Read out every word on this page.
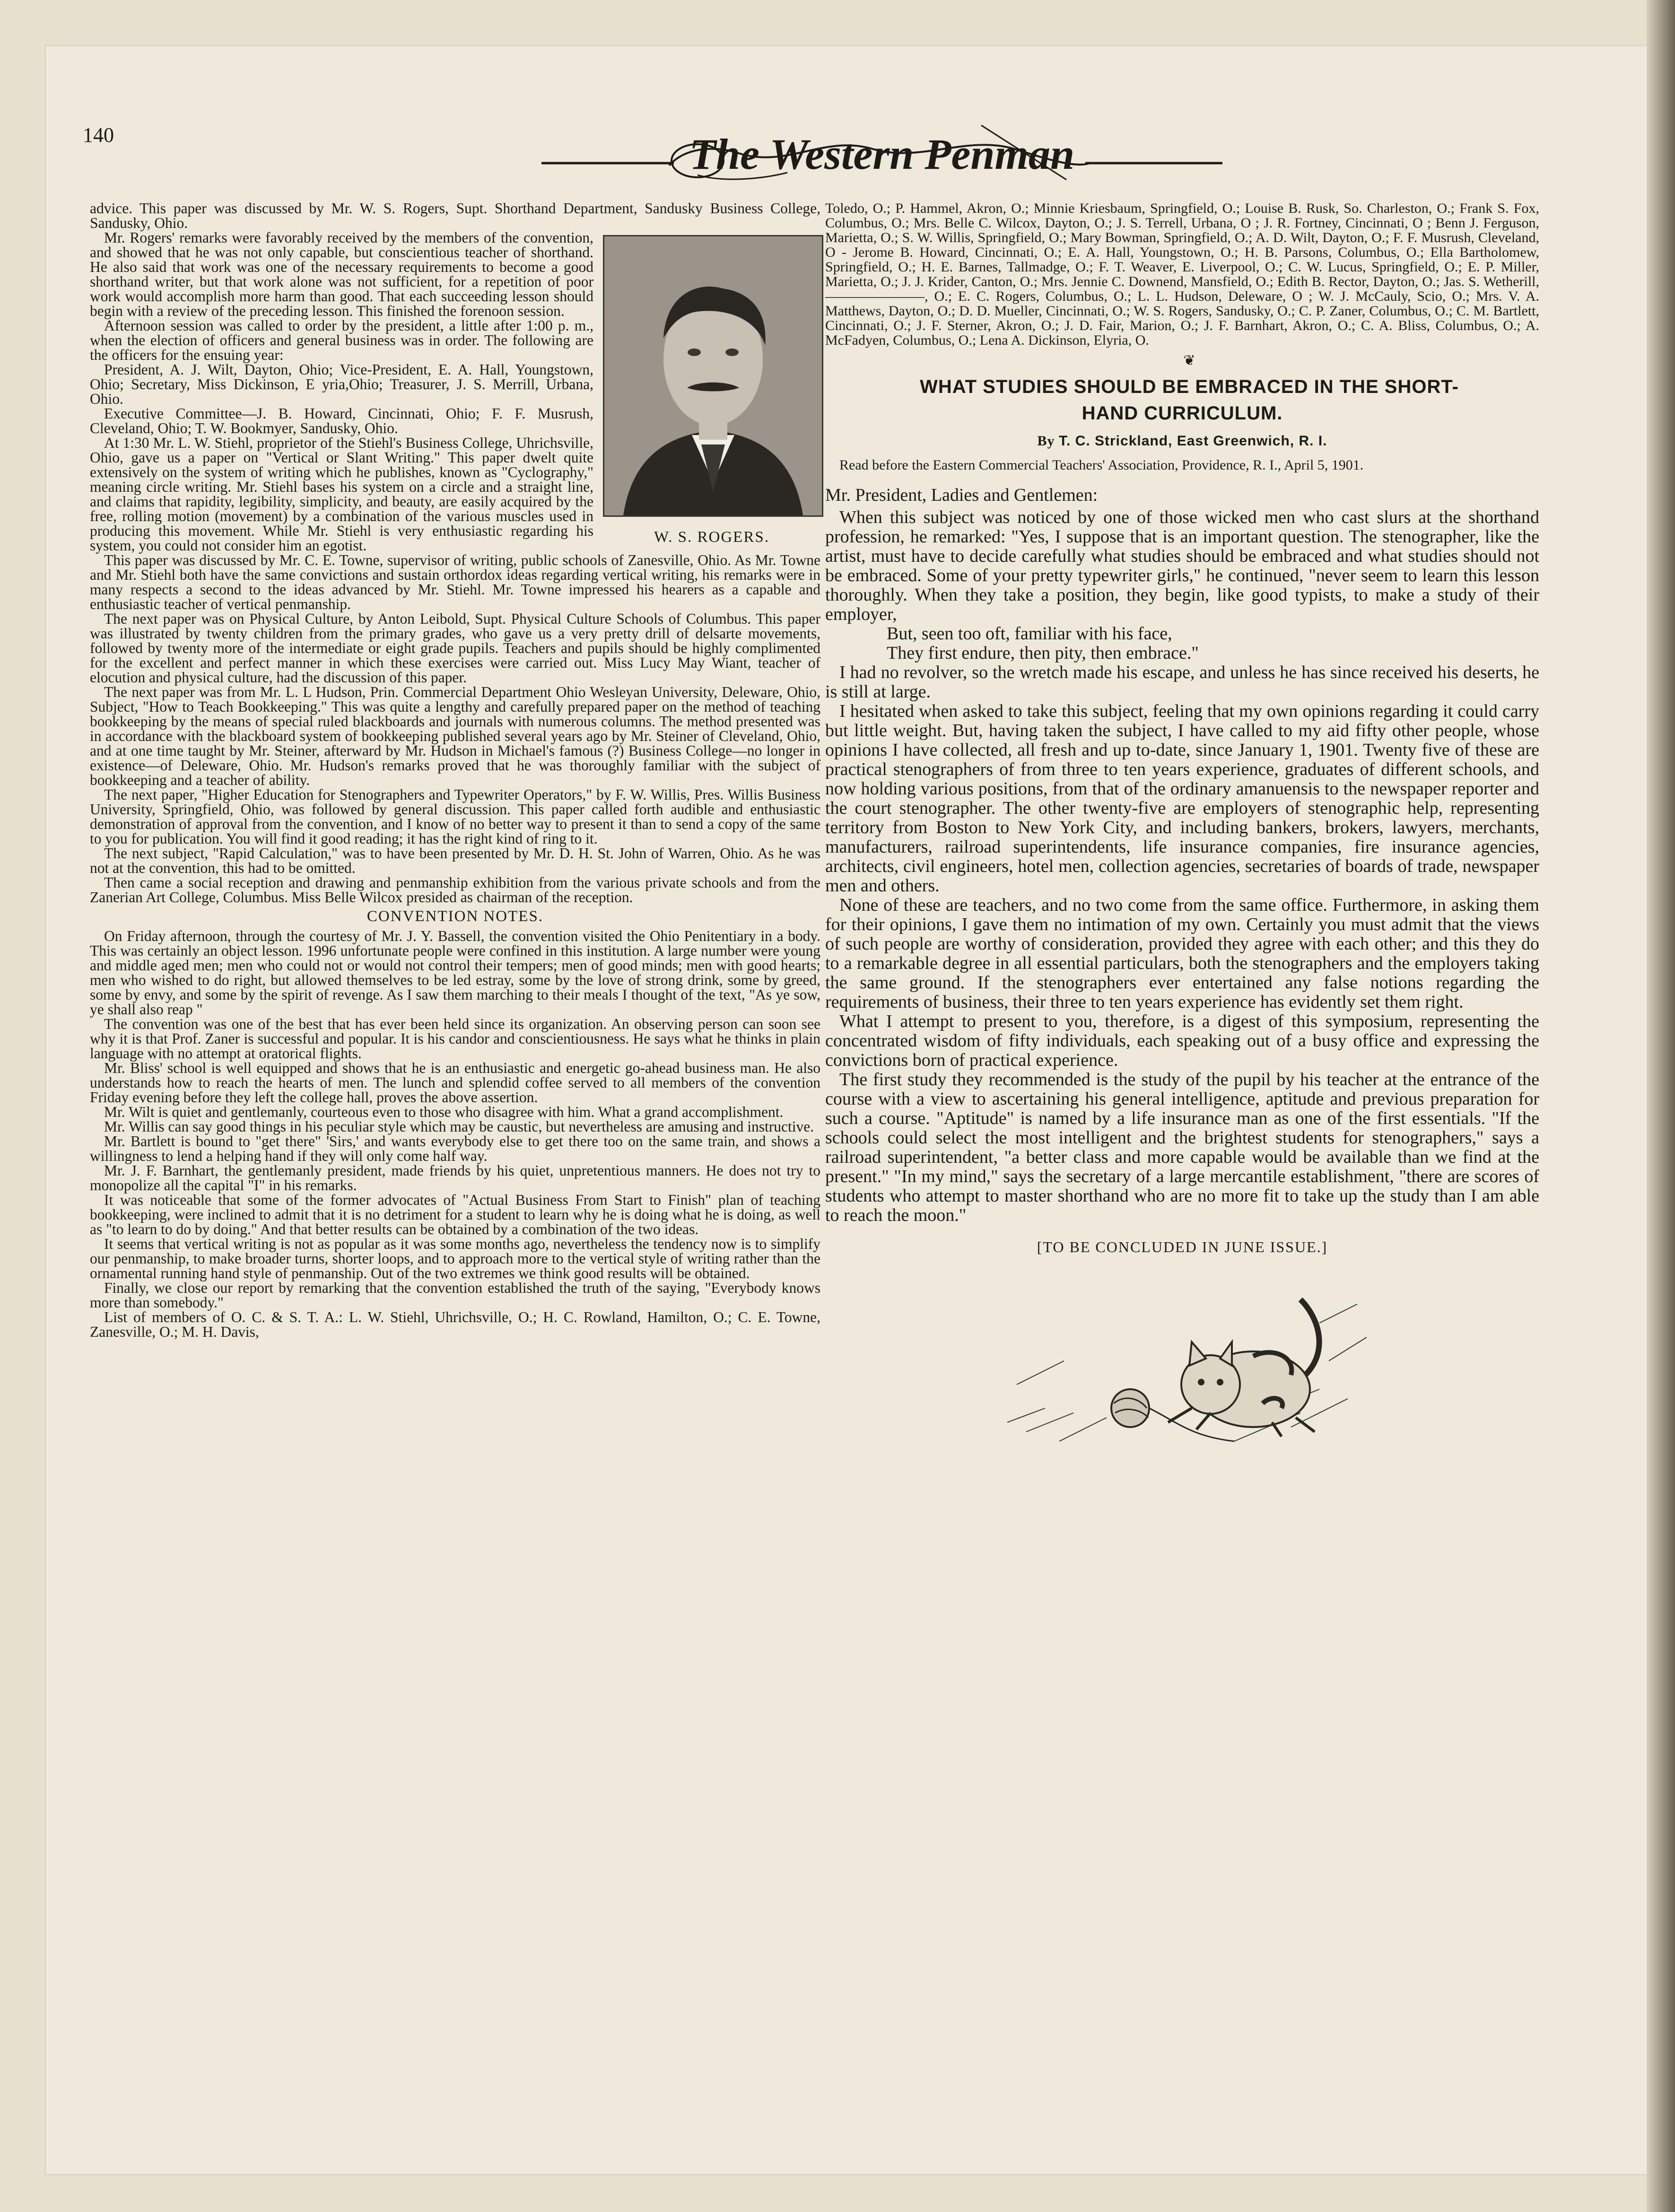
140	The Western Penman

advice. This paper was discussed by Mr. W. S. Rogers, Supt. Shorthand Department, Sandusky Business College, Sandusky, Ohio.

W. S. ROGERS.

Mr. Rogers' remarks were favorably received by the members of the convention, and showed that he was not only capable, but conscientious teacher of shorthand. He also said that work was one of the necessary requirements to become a good shorthand writer, but that work alone was not sufficient, for a repetition of poor work would accomplish more harm than good. That each succeeding lesson should begin with a review of the preceding lesson. This finished the forenoon session.

Afternoon session was called to order by the president, a little after 1:00 p. m., when the election of officers and general business was in order. The following are the officers for the ensuing year:

President, A. J. Wilt, Dayton, Ohio; Vice-President, E. A. Hall, Youngstown, Ohio; Secretary, Miss Dickinson, E yria,Ohio; Treasurer, J. S. Merrill, Urbana, Ohio.

Executive Committee—J. B. Howard, Cincinnati, Ohio; F. F. Musrush, Cleveland, Ohio; T. W. Bookmyer, Sandusky, Ohio.

At 1:30 Mr. L. W. Stiehl, proprietor of the Stiehl's Business College, Uhrichsville, Ohio, gave us a paper on "Vertical or Slant Writing." This paper dwelt quite extensively on the system of writing which he publishes, known as "Cyclography," meaning circle writing. Mr. Stiehl bases his system on a circle and a straight line, and claims that rapidity, legibility, simplicity, and beauty, are easily acquired by the free, rolling motion (movement) by a combination of the various muscles used in producing this movement. While Mr. Stiehl is very enthusiastic regarding his system, you could not consider him an egotist.

This paper was discussed by Mr. C. E. Towne, supervisor of writing, public schools of Zanesville, Ohio. As Mr. Towne and Mr. Stiehl both have the same convictions and sustain orthordox ideas regarding vertical writing, his remarks were in many respects a second to the ideas advanced by Mr. Stiehl. Mr. Towne impressed his hearers as a capable and enthusiastic teacher of vertical penmanship.

The next paper was on Physical Culture, by Anton Leibold, Supt. Physical Culture Schools of Columbus. This paper was illustrated by twenty children from the primary grades, who gave us a very pretty drill of delsarte movements, followed by twenty more of the intermediate or eight grade pupils. Teachers and pupils should be highly complimented for the excellent and perfect manner in which these exercises were carried out. Miss Lucy May Wiant, teacher of elocution and physical culture, had the discussion of this paper.

The next paper was from Mr. L. L Hudson, Prin. Commercial Department Ohio Wesleyan University, Deleware, Ohio, Subject, "How to Teach Bookkeeping." This was quite a lengthy and carefully prepared paper on the method of teaching bookkeeping by the means of special ruled blackboards and journals with numerous columns. The method presented was in accordance with the blackboard system of bookkeeping published several years ago by Mr. Steiner of Cleveland, Ohio, and at one time taught by Mr. Steiner, afterward by Mr. Hudson in Michael's famous (?) Business College—no longer in existence—of Deleware, Ohio. Mr. Hudson's remarks proved that he was thoroughly familiar with the subject of bookkeeping and a teacher of ability.

The next paper, "Higher Education for Stenographers and Typewriter Operators," by F. W. Willis, Pres. Willis Business University, Springfield, Ohio, was followed by general discussion. This paper called forth audible and enthusiastic demonstration of approval from the convention, and I know of no better way to present it than to send a copy of the same to you for publication. You will find it good reading; it has the right kind of ring to it.

The next subject, "Rapid Calculation," was to have been presented by Mr. D. H. St. John of Warren, Ohio. As he was not at the convention, this had to be omitted.

Then came a social reception and drawing and penmanship exhibition from the various private schools and from the Zanerian Art College, Columbus. Miss Belle Wilcox presided as chairman of the reception.

CONVENTION NOTES.

On Friday afternoon, through the courtesy of Mr. J. Y. Bassell, the convention visited the Ohio Penitentiary in a body. This was certainly an object lesson. 1996 unfortunate people were confined in this institution. A large number were young and middle aged men; men who could not or would not control their tempers; men of good minds; men with good hearts; men who wished to do right, but allowed themselves to be led estray, some by the love of strong drink, some by greed, some by envy, and some by the spirit of revenge. As I saw them marching to their meals I thought of the text, "As ye sow, ye shall also reap "

The convention was one of the best that has ever been held since its organization. An observing person can soon see why it is that Prof. Zaner is successful and popular. It is his candor and conscientiousness. He says what he thinks in plain language with no attempt at oratorical flights.

Mr. Bliss' school is well equipped and shows that he is an enthusiastic and energetic go-ahead business man. He also understands how to reach the hearts of men. The lunch and splendid coffee served to all members of the convention Friday evening before they left the college hall, proves the above assertion.

Mr. Wilt is quiet and gentlemanly, courteous even to those who disagree with him. What a grand accomplishment.

Mr. Willis can say good things in his peculiar style which may be caustic, but nevertheless are amusing and instructive.

Mr. Bartlett is bound to "get there" 'Sirs,' and wants everybody else to get there too on the same train, and shows a willingness to lend a helping hand if they will only come half way.

Mr. J. F. Barnhart, the gentlemanly president, made friends by his quiet, unpretentious manners. He does not try to monopolize all the capital "I" in his remarks.

It was noticeable that some of the former advocates of "Actual Business From Start to Finish" plan of teaching bookkeeping, were inclined to admit that it is no detriment for a student to learn why he is doing what he is doing, as well as "to learn to do by doing." And that better results can be obtained by a combination of the two ideas.

It seems that vertical writing is not as popular as it was some months ago, nevertheless the tendency now is to simplify our penmanship, to make broader turns, shorter loops, and to approach more to the vertical style of writing rather than the ornamental running hand style of penmanship. Out of the two extremes we think good results will be obtained.

Finally, we close our report by remarking that the convention established the truth of the saying, "Everybody knows more than somebody."

List of members of O. C. & S. T. A.: L. W. Stiehl, Uhrichsville, O.; H. C. Rowland, Hamilton, O.; C. E. Towne, Zanesville, O.; M. H. Davis,

Toledo, O.; P. Hammel, Akron, O.; Minnie Kriesbaum, Springfield, O.; Louise B. Rusk, So. Charleston, O.; Frank S. Fox, Columbus, O.; Mrs. Belle C. Wilcox, Dayton, O.; J. S. Terrell, Urbana, O ; J. R. Fortney, Cincinnati, O ; Benn J. Ferguson, Marietta, O.; S. W. Willis, Springfield, O.; Mary Bowman, Springfield, O.; A. D. Wilt, Dayton, O.; F. F. Musrush, Cleveland, O - Jerome B. Howard, Cincinnati, O.; E. A. Hall, Youngstown, O.; H. B. Parsons, Columbus, O.; Ella Bartholomew, Springfield, O.; H. E. Barnes, Tallmadge, O.; F. T. Weaver, E. Liverpool, O.; C. W. Lucus, Springfield, O.; E. P. Miller, Marietta, O.; J. J. Krider, Canton, O.; Mrs. Jennie C. Downend, Mansfield, O.; Edith B. Rector, Dayton, O.; Jas. S. Wetherill, ———————, O.; E. C. Rogers, Columbus, O.; L. L. Hudson, Deleware, O ; W. J. McCauly, Scio, O.; Mrs. V. A. Matthews, Dayton, O.; D. D. Mueller, Cincinnati, O.; W. S. Rogers, Sandusky, O.; C. P. Zaner, Columbus, O.; C. M. Bartlett, Cincinnati, O.; J. F. Sterner, Akron, O.; J. D. Fair, Marion, O.; J. F. Barnhart, Akron, O.; C. A. Bliss, Columbus, O.; A. McFadyen, Columbus, O.; Lena A. Dickinson, Elyria, O.

❦

WHAT STUDIES SHOULD BE EMBRACED IN THE SHORT-
HAND CURRICULUM.

By T. C. Strickland, East Greenwich, R. I.

Read before the Eastern Commercial Teachers' Association, Providence, R. I., April 5, 1901.

Mr. President, Ladies and Gentlemen:

When this subject was noticed by one of those wicked men who cast slurs at the shorthand profession, he remarked: "Yes, I suppose that is an important question. The stenographer, like the artist, must have to decide carefully what studies should be embraced and what studies should not be embraced. Some of your pretty typewriter girls," he continued, "never seem to learn this lesson thoroughly. When they take a position, they begin, like good typists, to make a study of their employer,

But, seen too oft, familiar with his face,

They first endure, then pity, then embrace."

I had no revolver, so the wretch made his escape, and unless he has since received his deserts, he is still at large.

I hesitated when asked to take this subject, feeling that my own opinions regarding it could carry but little weight. But, having taken the subject, I have called to my aid fifty other people, whose opinions I have collected, all fresh and up to-date, since January 1, 1901. Twenty five of these are practical stenographers of from three to ten years experience, graduates of different schools, and now holding various positions, from that of the ordinary amanuensis to the newspaper reporter and the court stenographer. The other twenty-five are employers of stenographic help, representing territory from Boston to New York City, and including bankers, brokers, lawyers, merchants, manufacturers, railroad superintendents, life insurance companies, fire insurance agencies, architects, civil engineers, hotel men, collection agencies, secretaries of boards of trade, newspaper men and others.

None of these are teachers, and no two come from the same office. Furthermore, in asking them for their opinions, I gave them no intimation of my own. Certainly you must admit that the views of such people are worthy of consideration, provided they agree with each other; and this they do to a remarkable degree in all essential particulars, both the stenographers and the employers taking the same ground. If the stenographers ever entertained any false notions regarding the requirements of business, their three to ten years experience has evidently set them right.

What I attempt to present to you, therefore, is a digest of this symposium, representing the concentrated wisdom of fifty individuals, each speaking out of a busy office and expressing the convictions born of practical experience.

The first study they recommended is the study of the pupil by his teacher at the entrance of the course with a view to ascertaining his general intelligence, aptitude and previous preparation for such a course. "Aptitude" is named by a life insurance man as one of the first essentials. "If the schools could select the most intelligent and the brightest students for stenographers," says a railroad superintendent, "a better class and more capable would be available than we find at the present." "In my mind," says the secretary of a large mercantile establishment, "there are scores of students who attempt to master shorthand who are no more fit to take up the study than I am able to reach the moon."

[TO BE CONCLUDED IN JUNE ISSUE.]
